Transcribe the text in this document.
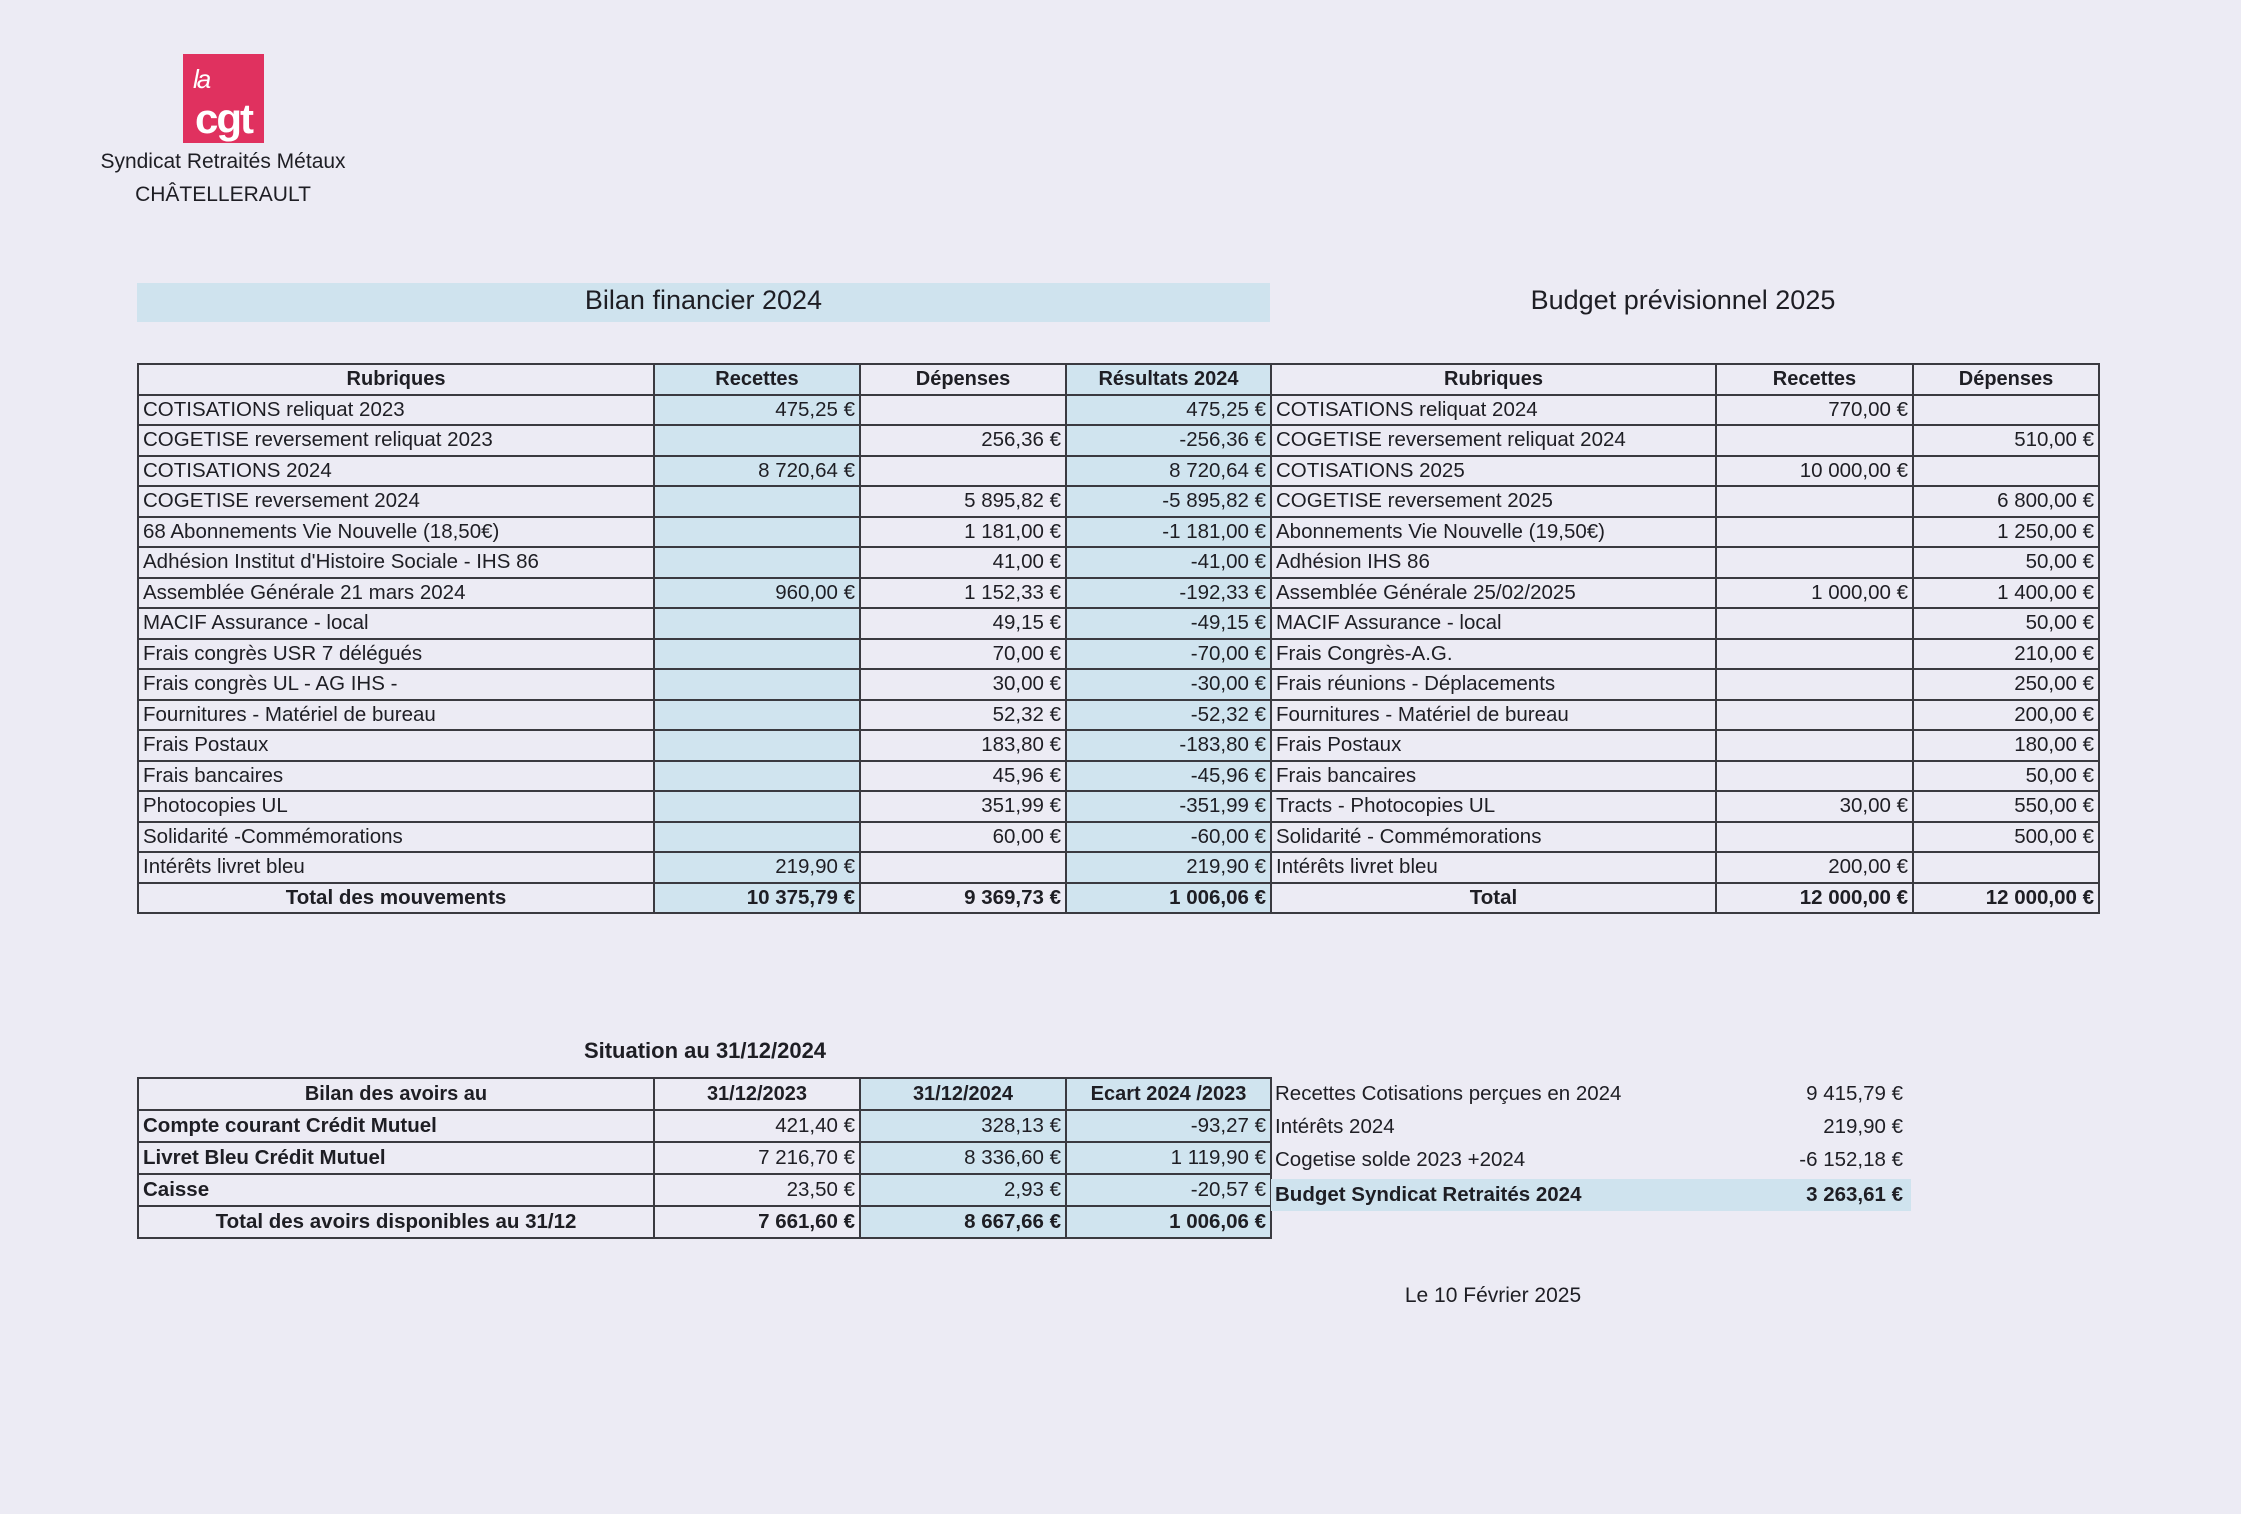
la
cgt
Syndicat Retraités Métaux
CHÂTELLERAULT
Bilan financier 2024	Budget prévisionnel 2025
Rubriques	Recettes	Dépenses	Résultats 2024	Rubriques	Recettes	Dépenses
COTISATIONS reliquat 2023	475,25 €		475,25 €	COTISATIONS reliquat 2024	770,00 €	
COGETISE reversement reliquat 2023		256,36 €	-256,36 €	COGETISE reversement reliquat 2024		510,00 €
COTISATIONS 2024	8 720,64 €		8 720,64 €	COTISATIONS 2025	10 000,00 €	
COGETISE reversement 2024		5 895,82 €	-5 895,82 €	COGETISE reversement 2025		6 800,00 €
68 Abonnements Vie Nouvelle (18,50€)		1 181,00 €	-1 181,00 €	Abonnements Vie Nouvelle (19,50€)		1 250,00 €
Adhésion Institut d'Histoire Sociale - IHS 86		41,00 €	-41,00 €	Adhésion IHS 86		50,00 €
Assemblée Générale 21 mars 2024	960,00 €	1 152,33 €	-192,33 €	Assemblée Générale 25/02/2025	1 000,00 €	1 400,00 €
MACIF Assurance - local		49,15 €	-49,15 €	MACIF Assurance - local		50,00 €
Frais congrès USR 7 délégués		70,00 €	-70,00 €	Frais Congrès-A.G.		210,00 €
Frais congrès UL - AG IHS -		30,00 €	-30,00 €	Frais réunions - Déplacements		250,00 €
Fournitures - Matériel de bureau		52,32 €	-52,32 €	Fournitures - Matériel de bureau		200,00 €
Frais Postaux		183,80 €	-183,80 €	Frais Postaux		180,00 €
Frais bancaires		45,96 €	-45,96 €	Frais bancaires		50,00 €
Photocopies UL		351,99 €	-351,99 €	Tracts - Photocopies UL	30,00 €	550,00 €
Solidarité -Commémorations		60,00 €	-60,00 €	Solidarité - Commémorations		500,00 €
Intérêts livret bleu	219,90 €		219,90 €	Intérêts livret bleu	200,00 €	
Total des mouvements	10 375,79 €	9 369,73 €	1 006,06 €	Total	12 000,00 €	12 000,00 €
Situation au 31/12/2024
Bilan des avoirs au	31/12/2023	31/12/2024	Ecart 2024 /2023
Compte courant Crédit Mutuel	421,40 €	328,13 €	-93,27 €
Livret Bleu Crédit Mutuel	7 216,70 €	8 336,60 €	1 119,90 €
Caisse	23,50 €	2,93 €	-20,57 €
Total des avoirs disponibles au 31/12	7 661,60 €	8 667,66 €	1 006,06 €
Recettes Cotisations perçues en 2024	9 415,79 €
Intérêts 2024	219,90 €
Cogetise solde 2023 +2024	-6 152,18 €
Budget Syndicat Retraités 2024	3 263,61 €
Le 10 Février 2025
